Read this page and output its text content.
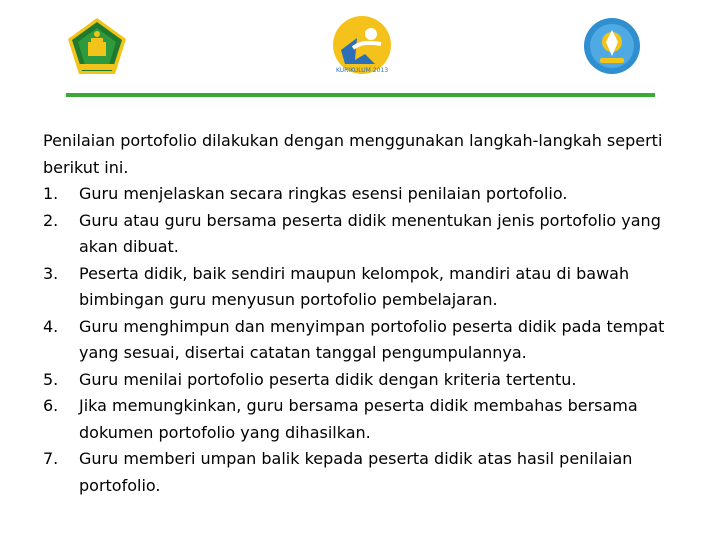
KURIKULUM 2013

Penilaian portofolio dilakukan dengan menggunakan langkah-langkah seperti berikut ini.

1.	Guru menjelaskan secara ringkas esensi penilaian portofolio.
2.	Guru atau guru bersama peserta didik menentukan jenis portofolio yang akan dibuat.
3.	Peserta didik, baik sendiri maupun kelompok, mandiri atau di bawah bimbingan guru menyusun portofolio pembelajaran.
4.	Guru menghimpun dan menyimpan portofolio peserta didik pada tempat yang sesuai, disertai catatan tanggal pengumpulannya.
5.	Guru menilai portofolio peserta didik dengan kriteria tertentu.
6.	Jika memungkinkan, guru bersama peserta didik membahas bersama dokumen portofolio yang dihasilkan.
7.	Guru memberi umpan balik kepada peserta didik atas hasil penilaian portofolio.
